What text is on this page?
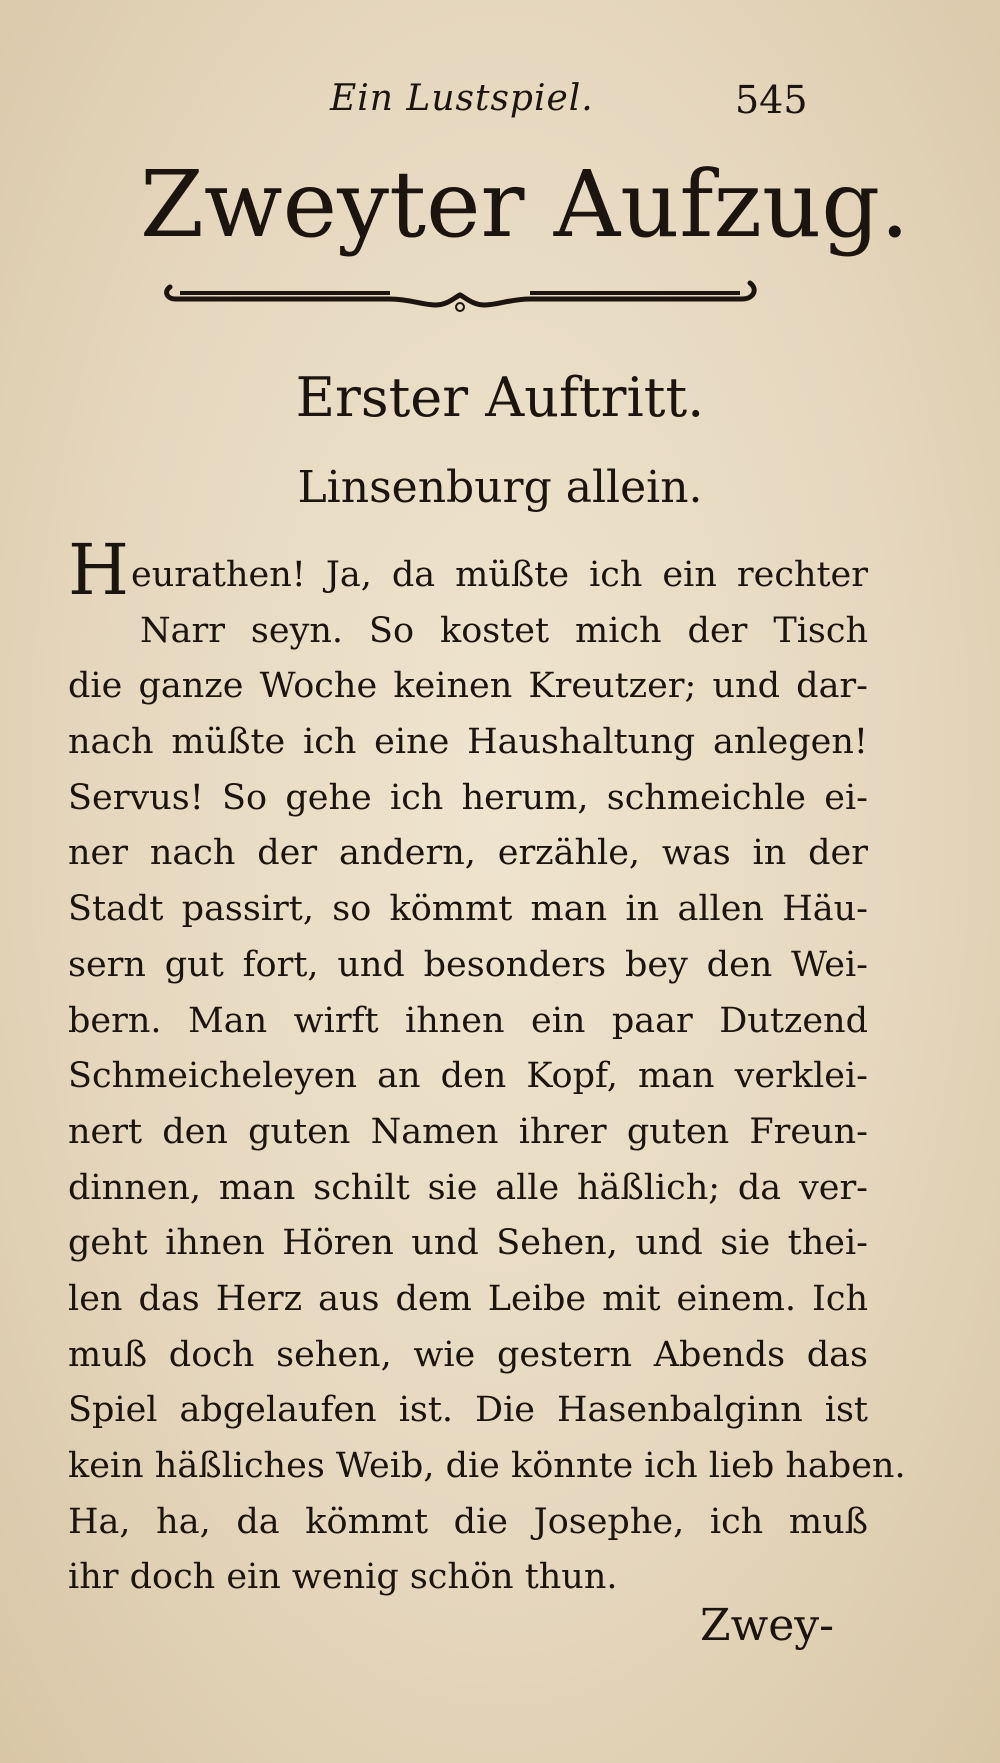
Ein Lustspiel.	545
Zweyter Aufzug.
Erster Auftritt.
Linsenburg allein.
Heurathen! Ja, da müßte ich ein rechter
Narr seyn. So kostet mich der Tisch
die ganze Woche keinen Kreutzer; und dar-
nach müßte ich eine Haushaltung anlegen!
Servus! So gehe ich herum, schmeichle ei-
ner nach der andern, erzähle, was in der
Stadt passirt, so kömmt man in allen Häu-
sern gut fort, und besonders bey den Wei-
bern. Man wirft ihnen ein paar Dutzend
Schmeicheleyen an den Kopf, man verklei-
nert den guten Namen ihrer guten Freun-
dinnen, man schilt sie alle häßlich; da ver-
geht ihnen Hören und Sehen, und sie thei-
len das Herz aus dem Leibe mit einem. Ich
muß doch sehen, wie gestern Abends das
Spiel abgelaufen ist. Die Hasenbalginn ist
kein häßliches Weib, die könnte ich lieb haben.
Ha, ha, da kömmt die Josephe, ich muß
ihr doch ein wenig schön thun.
Zwey-
